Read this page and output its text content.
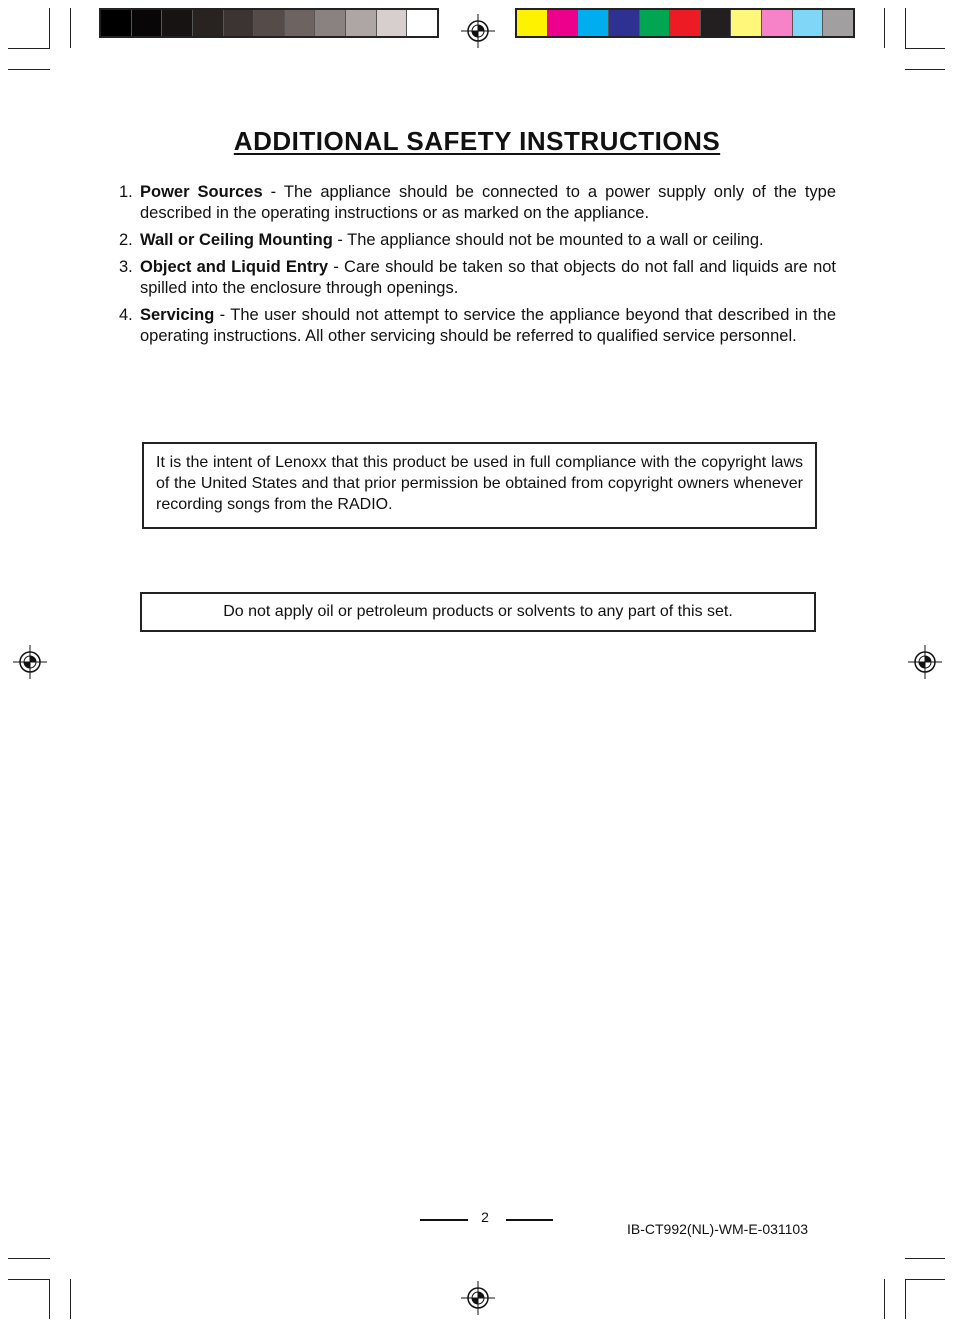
ADDITIONAL SAFETY INSTRUCTIONS
1. Power Sources - The appliance should be connected to a power supply only of the type described in the operating instructions or as marked on the appliance.
2. Wall or Ceiling Mounting - The appliance should not be mounted to a wall or ceiling.
3. Object and Liquid Entry - Care should be taken so that objects do not fall and liquids are not spilled into the enclosure through openings.
4. Servicing - The user should not attempt to service the appliance beyond that described in the operating instructions. All other servicing should be referred to qualified service personnel.
It is the intent of Lenoxx that this product be used in full compliance with the copyright laws of the United States and that prior permission be obtained from copyright owners whenever recording songs from the RADIO.
Do not apply oil or petroleum products or solvents to any part of this set.
2
IB-CT992(NL)-WM-E-031103
